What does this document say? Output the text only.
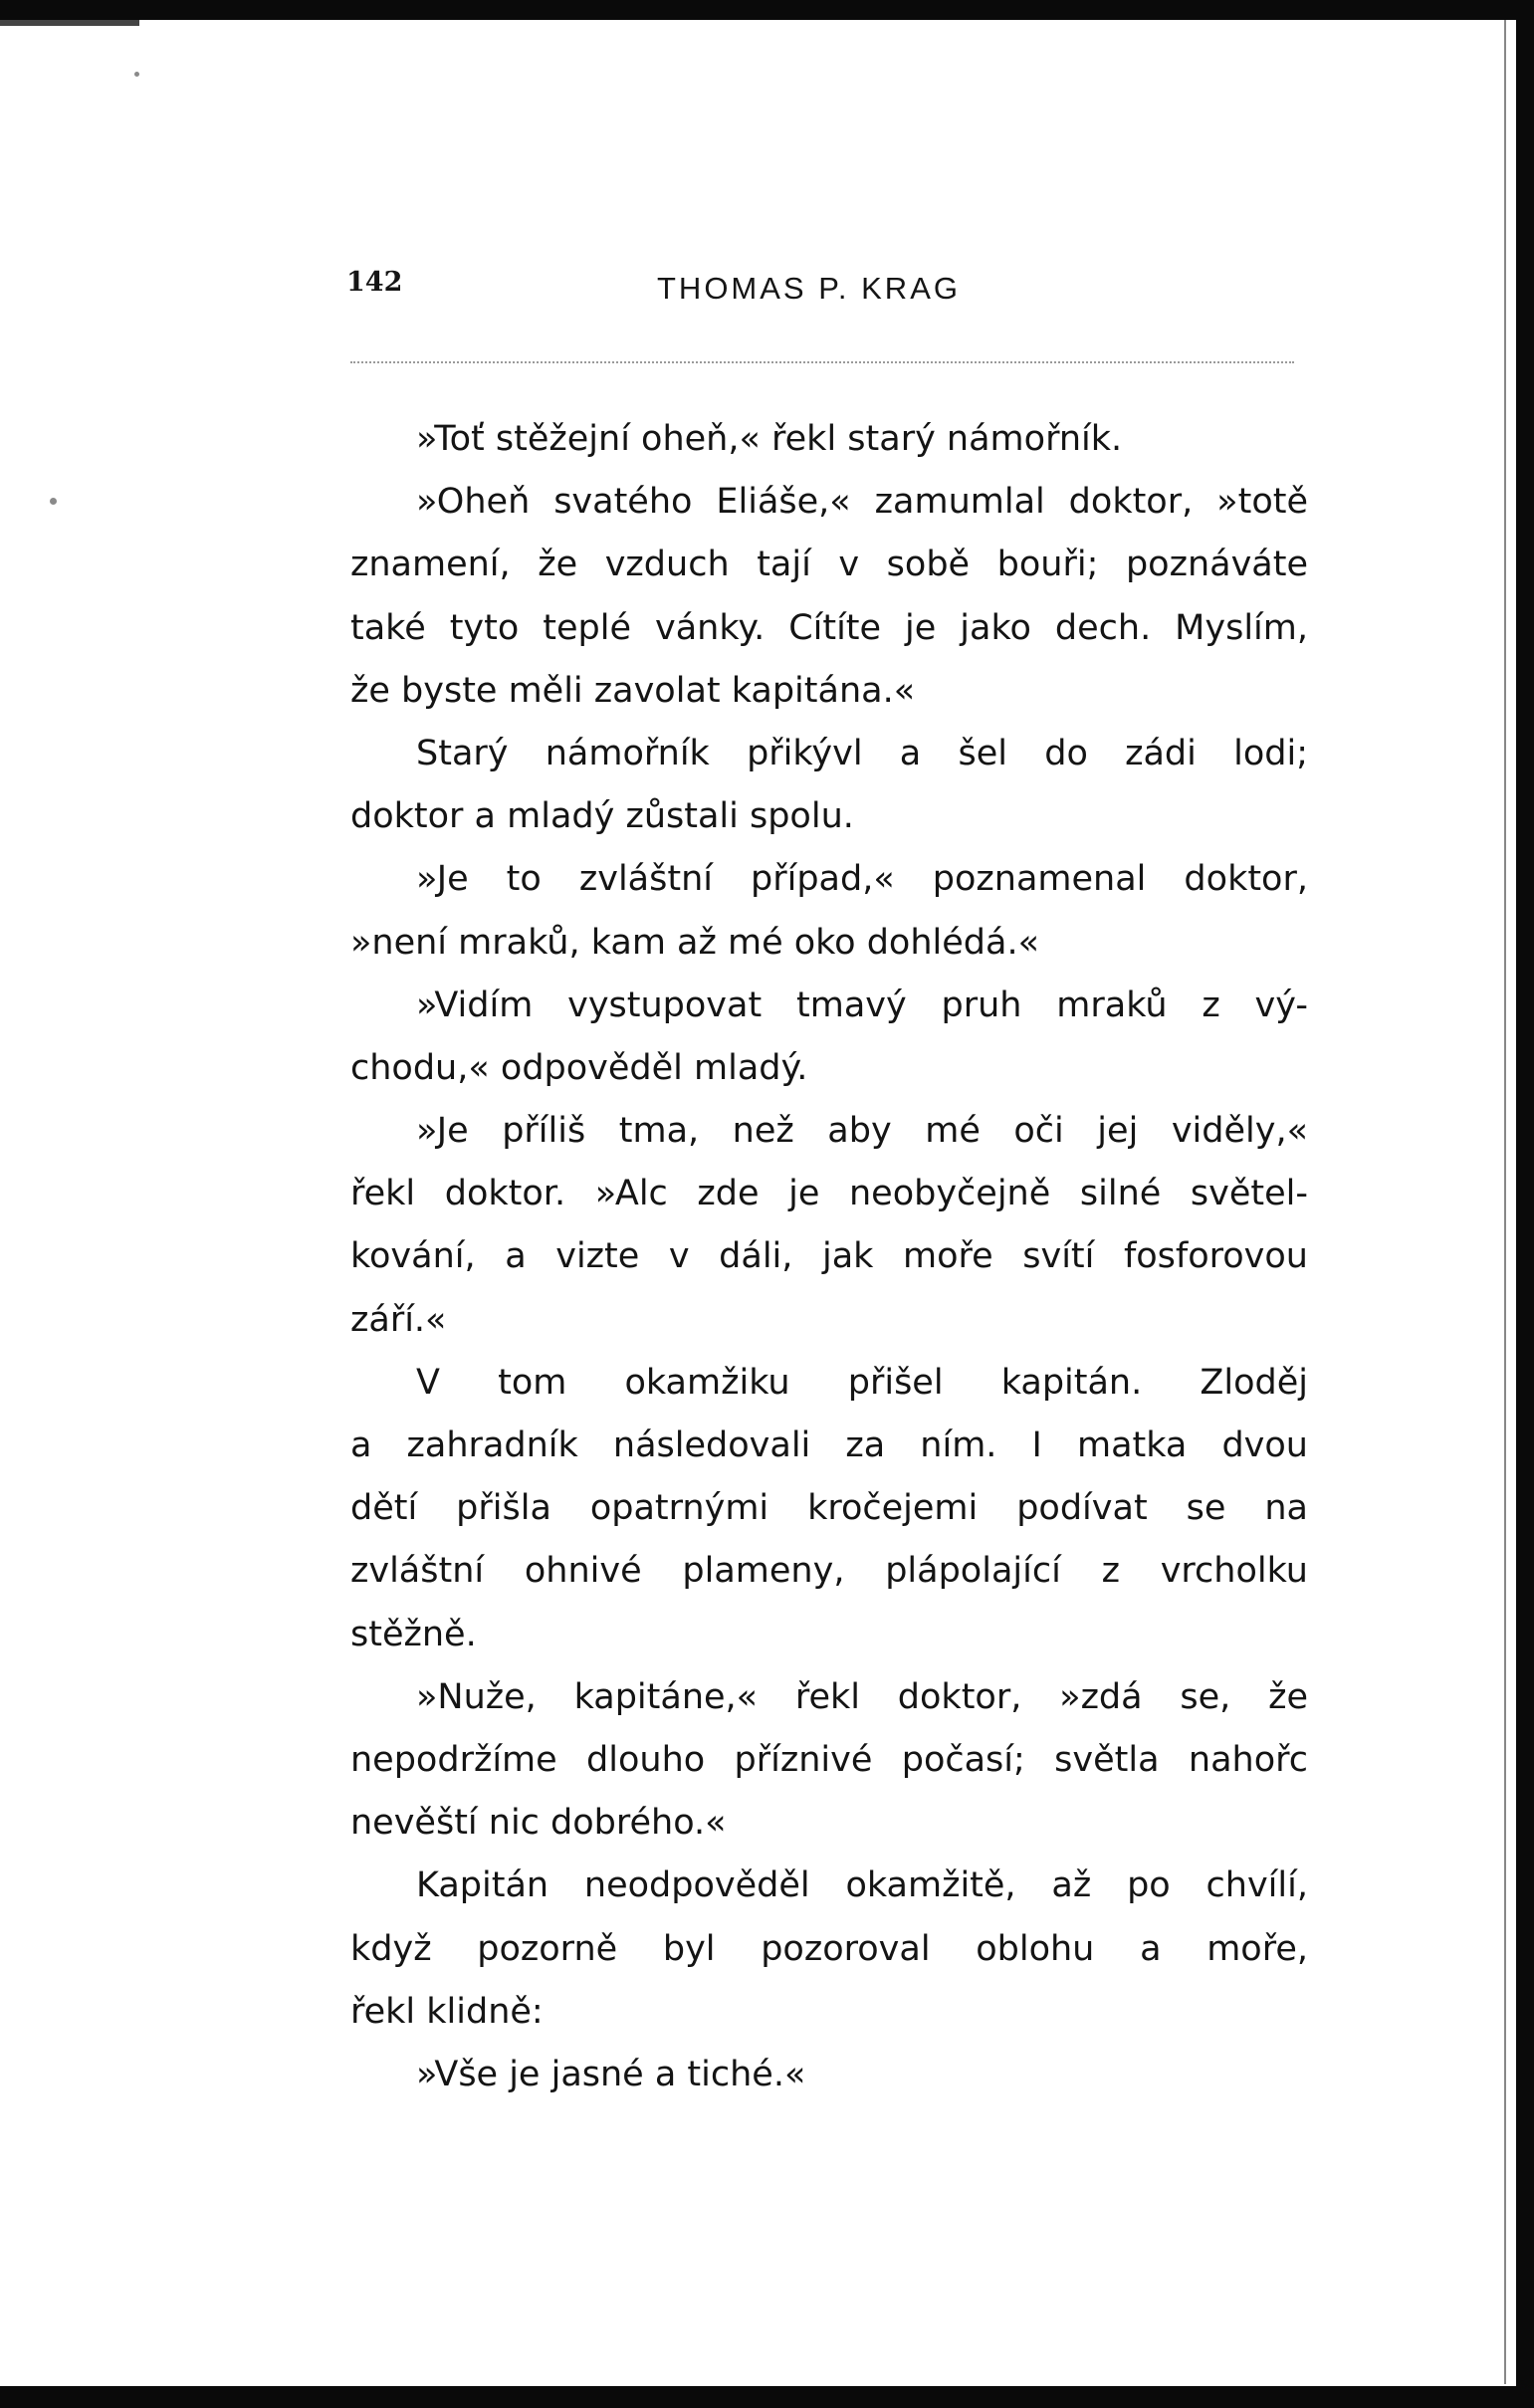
142	THOMAS P. KRAG
»Toť stěžejní oheň,« řekl starý námořník.
»Oheň svatého Eliáše,« zamumlal doktor, »totě
znamení, že vzduch tají v sobě bouři; poznáváte
také tyto teplé vánky. Cítíte je jako dech. Myslím,
že byste měli zavolat kapitána.«
Starý námořník přikývl a šel do zádi lodi;
doktor a mladý zůstali spolu.
»Je to zvláštní případ,« poznamenal doktor,
»není mraků, kam až mé oko dohlédá.«
»Vidím vystupovat tmavý pruh mraků z vý-
chodu,« odpověděl mladý.
»Je příliš tma, než aby mé oči jej viděly,«
řekl doktor. »Alc zde je neobyčejně silné světel-
kování, a vizte v dáli, jak moře svítí fosforovou
září.«
V tom okamžiku přišel kapitán. Zloděj
a zahradník následovali za ním. I matka dvou
dětí přišla opatrnými kročejemi podívat se na
zvláštní ohnivé plameny, plápolající z vrcholku
stěžně.
»Nuže, kapitáne,« řekl doktor, »zdá se, že
nepodržíme dlouho příznivé počasí; světla nahořc
nevěští nic dobrého.«
Kapitán neodpověděl okamžitě, až po chvílí,
když pozorně byl pozoroval oblohu a moře,
řekl klidně:
»Vše je jasné a tiché.«
